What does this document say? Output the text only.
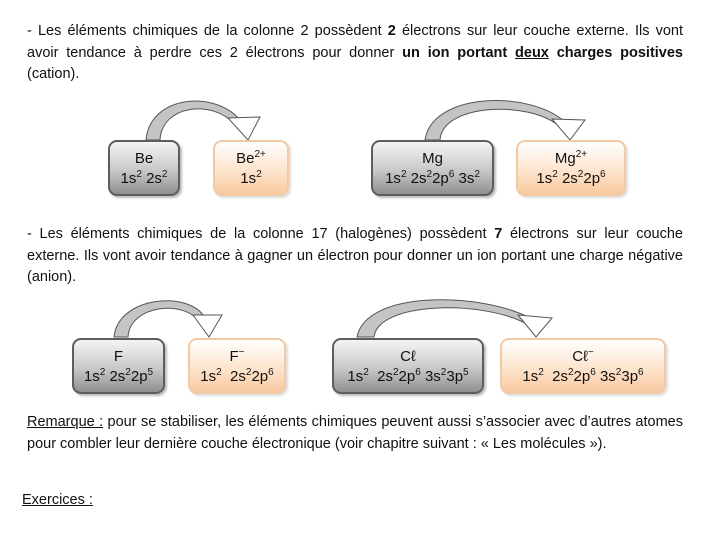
- Les éléments chimiques de la colonne 2 possèdent 2 électrons sur leur couche externe. Ils vont avoir tendance à perdre ces 2 électrons pour donner un ion portant deux charges positives (cation).
Be
$1s^2$ $2s^2$
$Be^{2+}$
$1s^2$
Mg
$1s^2$ $2s^22p^6$ $3s^2$
$Mg^{2+}$
$1s^2$ $2s^22p^6$
- Les éléments chimiques de la colonne 17 (halogènes) possèdent 7 électrons sur leur couche externe. Ils vont avoir tendance à gagner un électron pour donner un ion portant une charge négative (anion).
F
$1s^2$ $2s^22p^5$
F−
$1s^2$  $2s^22p^6$
Cℓ
$1s^2$  $2s^22p^6$ $3s^23p^5$
Cℓ−
$1s^2$  $2s^22p^6$ $3s^23p^6$
Remarque : pour se stabiliser, les éléments chimiques peuvent aussi s’associer avec d’autres atomes pour combler leur dernière couche électronique (voir chapitre suivant : « Les molécules »).
Exercices :
